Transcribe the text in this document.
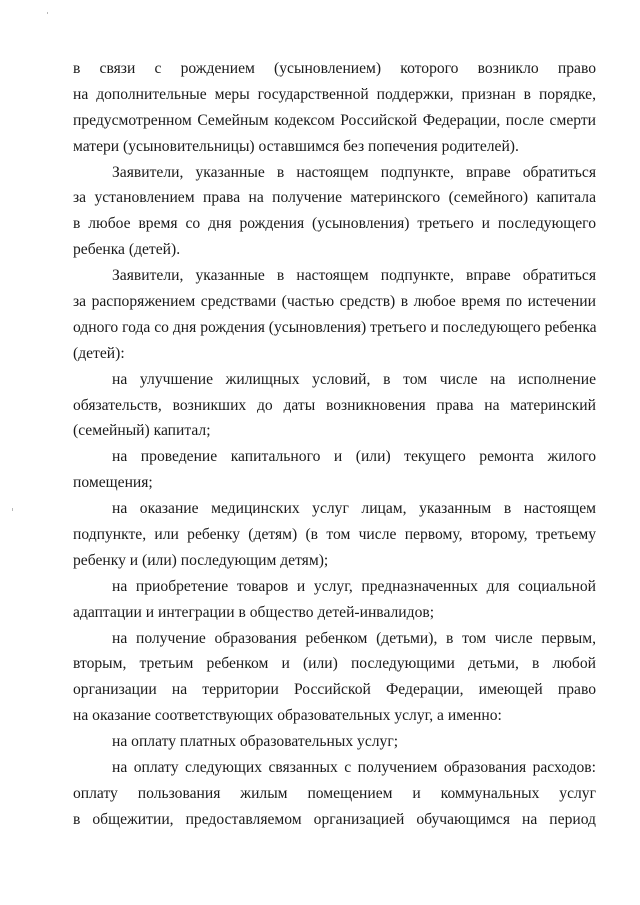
в связи с рождением (усыновлением) которого возникло право
на дополнительные меры государственной поддержки, признан в порядке,
предусмотренном Семейным кодексом Российской Федерации, после смерти
матери (усыновительницы) оставшимся без попечения родителей).
Заявители, указанные в настоящем подпункте, вправе обратиться
за установлением права на получение материнского (семейного) капитала
в любое время со дня рождения (усыновления) третьего и последующего
ребенка (детей).
Заявители, указанные в настоящем подпункте, вправе обратиться
за распоряжением средствами (частью средств) в любое время по истечении
одного года со дня рождения (усыновления) третьего и последующего ребенка
(детей):
на улучшение жилищных условий, в том числе на исполнение
обязательств, возникших до даты возникновения права на материнский
(семейный) капитал;
на проведение капитального и (или) текущего ремонта жилого
помещения;
на оказание медицинских услуг лицам, указанным в настоящем
подпункте, или ребенку (детям) (в том числе первому, второму, третьему
ребенку и (или) последующим детям);
на приобретение товаров и услуг, предназначенных для социальной
адаптации и интеграции в общество детей-инвалидов;
на получение образования ребенком (детьми), в том числе первым,
вторым, третьим ребенком и (или) последующими детьми, в любой
организации на территории Российской Федерации, имеющей право
на оказание соответствующих образовательных услуг, а именно:
на оплату платных образовательных услуг;
на оплату следующих связанных с получением образования расходов:
оплату пользования жилым помещением и коммунальных услуг
в общежитии, предоставляемом организацией обучающимся на период
